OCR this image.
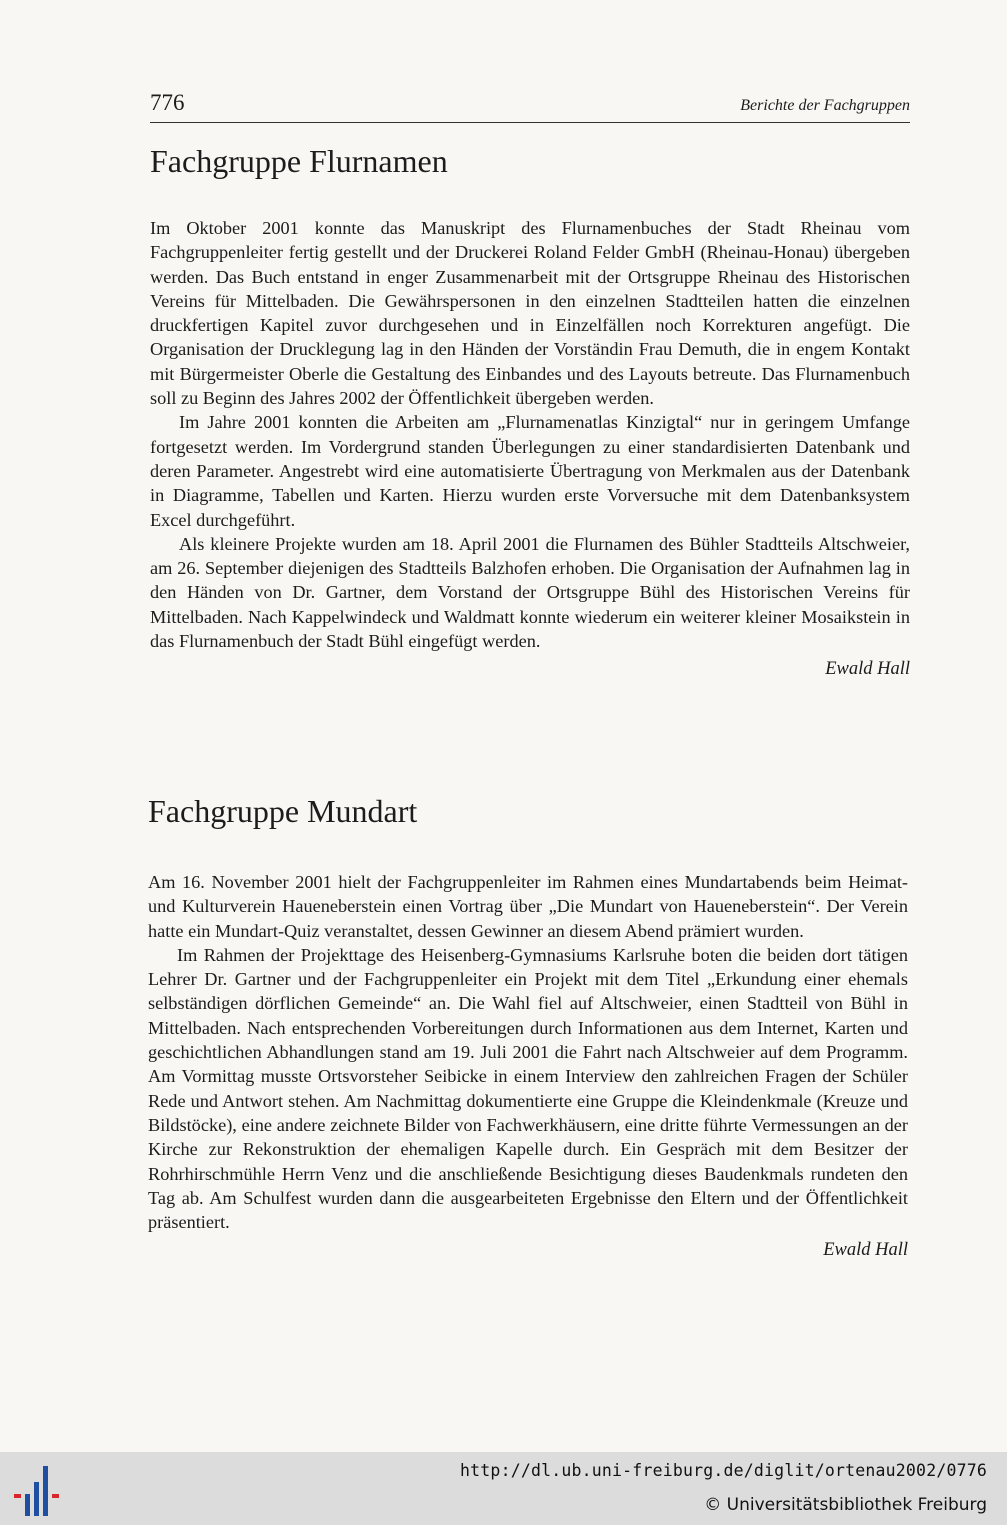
776	Berichte der Fachgruppen
Fachgruppe Flurnamen

Im Oktober 2001 konnte das Manuskript des Flurnamenbuches der Stadt Rheinau vom Fachgruppenleiter fertig gestellt und der Druckerei Roland Felder GmbH (Rheinau-Honau) übergeben werden. Das Buch entstand in enger Zusammenarbeit mit der Ortsgruppe Rheinau des Historischen Vereins für Mittelbaden. Die Gewährspersonen in den einzelnen Stadtteilen hatten die einzelnen druckfertigen Kapitel zuvor durchgesehen und in Einzelfällen noch Korrekturen angefügt. Die Organisation der Drucklegung lag in den Händen der Vorständin Frau Demuth, die in engem Kontakt mit Bürgermeister Oberle die Gestaltung des Einbandes und des Layouts betreute. Das Flurnamenbuch soll zu Beginn des Jahres 2002 der Öffentlichkeit übergeben werden.

Im Jahre 2001 konnten die Arbeiten am „Flurnamenatlas Kinzigtal“ nur in geringem Umfange fortgesetzt werden. Im Vordergrund standen Überlegungen zu einer standardisierten Datenbank und deren Parameter. Angestrebt wird eine automatisierte Übertragung von Merkmalen aus der Datenbank in Diagramme, Tabellen und Karten. Hierzu wurden erste Vorversuche mit dem Datenbanksystem Excel durchgeführt.

Als kleinere Projekte wurden am 18. April 2001 die Flurnamen des Bühler Stadtteils Altschweier, am 26. September diejenigen des Stadtteils Balzhofen erhoben. Die Organisation der Aufnahmen lag in den Händen von Dr. Gartner, dem Vorstand der Ortsgruppe Bühl des Historischen Vereins für Mittelbaden. Nach Kappelwindeck und Waldmatt konnte wiederum ein weiterer kleiner Mosaikstein in das Flurnamenbuch der Stadt Bühl eingefügt werden.

Ewald Hall
Fachgruppe Mundart

Am 16. November 2001 hielt der Fachgruppenleiter im Rahmen eines Mundartabends beim Heimat- und Kulturverein Haueneberstein einen Vortrag über „Die Mundart von Haueneberstein“. Der Verein hatte ein Mundart-Quiz veranstaltet, dessen Gewinner an diesem Abend prämiert wurden.

Im Rahmen der Projekttage des Heisenberg-Gymnasiums Karlsruhe boten die beiden dort tätigen Lehrer Dr. Gartner und der Fachgruppenleiter ein Projekt mit dem Titel „Erkundung einer ehemals selbständigen dörflichen Gemeinde“ an. Die Wahl fiel auf Altschweier, einen Stadtteil von Bühl in Mittelbaden. Nach entsprechenden Vorbereitungen durch Informationen aus dem Internet, Karten und geschichtlichen Abhandlungen stand am 19. Juli 2001 die Fahrt nach Altschweier auf dem Programm. Am Vormittag musste Ortsvorsteher Seibicke in einem Interview den zahlreichen Fragen der Schüler Rede und Antwort stehen. Am Nachmittag dokumentierte eine Gruppe die Kleindenkmale (Kreuze und Bildstöcke), eine andere zeichnete Bilder von Fachwerkhäusern, eine dritte führte Vermessungen an der Kirche zur Rekonstruktion der ehemaligen Kapelle durch. Ein Gespräch mit dem Besitzer der Rohrhirschmühle Herrn Venz und die anschließende Besichtigung dieses Baudenkmals rundeten den Tag ab. Am Schulfest wurden dann die ausgearbeiteten Ergebnisse den Eltern und der Öffentlichkeit präsentiert.

Ewald Hall
http://dl.ub.uni-freiburg.de/diglit/ortenau2002/0776
© Universitätsbibliothek Freiburg
